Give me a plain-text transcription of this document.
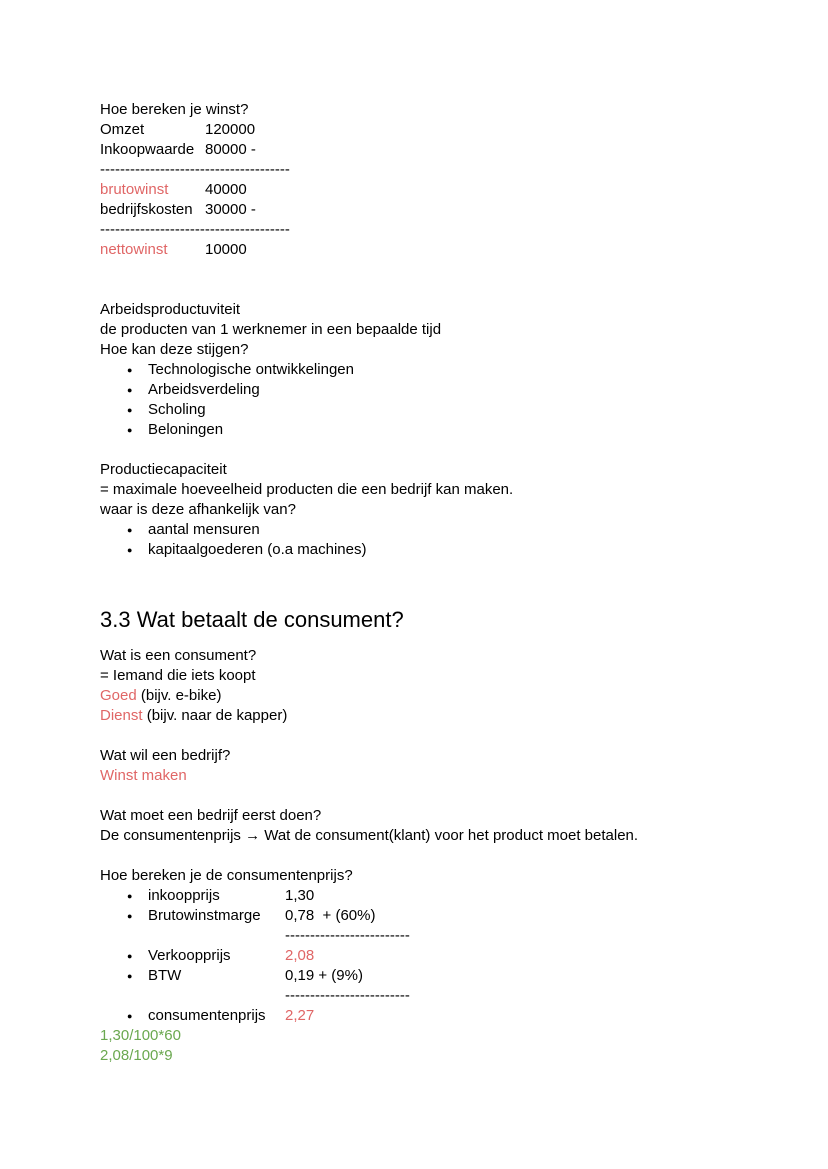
Hoe bereken je winst?
Omzet	120000
Inkoopwaarde 80000 -
--------------------------------------
brutowinst	40000
bedrijfskosten 30000 -
--------------------------------------
nettowinst	10000
Arbeidsproductuviteit
de producten van 1 werknemer in een bepaalde tijd
Hoe kan deze stijgen?
●	Technologische ontwikkelingen
●	Arbeidsverdeling
●	Scholing
●	Beloningen
Productiecapaciteit
= maximale hoeveelheid producten die een bedrijf kan maken.
waar is deze afhankelijk van?
●	aantal mensuren
●	kapitaalgoederen (o.a machines)
3.3 Wat betaalt de consument?
Wat is een consument?
= Iemand die iets koopt
Goed (bijv. e-bike)
Dienst (bijv. naar de kapper)
Wat wil een bedrijf?
Winst maken
Wat moet een bedrijf eerst doen?
De consumentenprijs → Wat de consument(klant) voor het product moet betalen.
Hoe bereken je de consumentenprijs?
●	inkoopprijs	1,30
●	Brutowinstmarge	0,78  + (60%)
-------------------------
●	Verkoopprijs	2,08
●	BTW	0,19 + (9%)
-------------------------
●	consumentenprijs	2,27
1,30/100*60
2,08/100*9
